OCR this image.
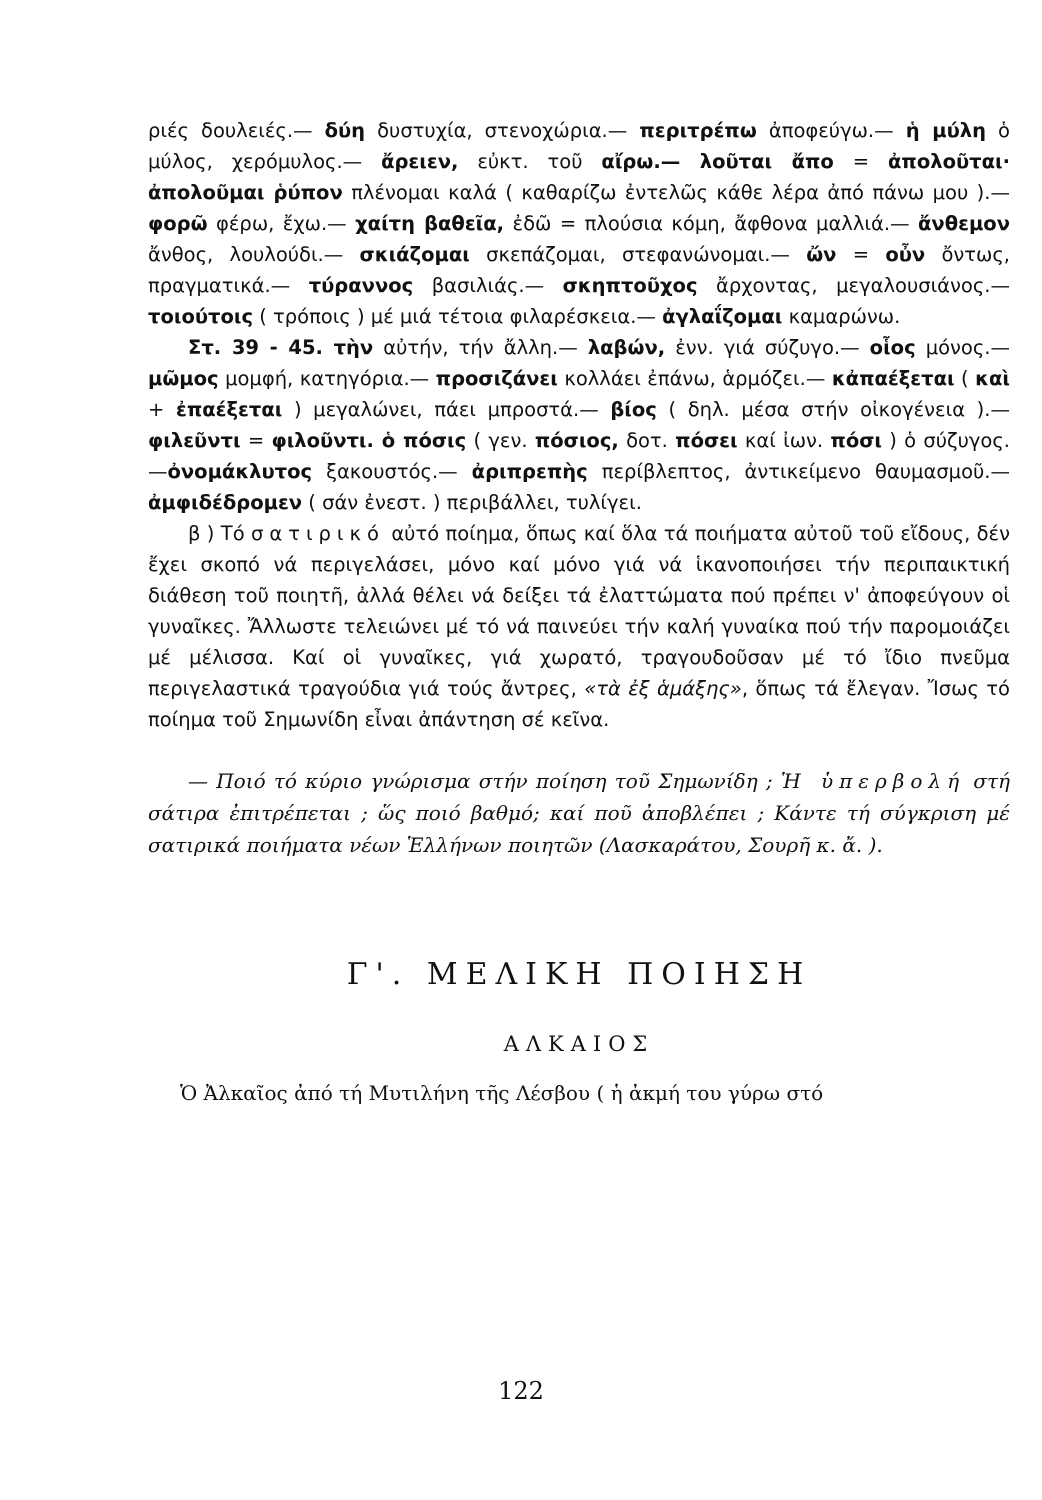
ριές δουλειές.— δύη δυστυχία, στενοχώρια.— περιτρέπω ἀποφεύγω.— ἡ μύλη ὁ μύλος, χερόμυλος.— ἄρειεν, εὐκτ. τοῦ αἴρω.— λοῦται ἄπο = ἀπολοῦται· ἀπολοῦμαι ῥύπον πλένομαι καλά ( καθαρίζω ἐντελῶς κάθε λέρα ἀπό πάνω μου ).— φορῶ φέρω, ἔχω.— χαίτη βαθεῖα, ἐδῶ = πλούσια κόμη, ἄφθονα μαλλιά.— ἄνθεμον ἄνθος, λουλούδι.— σκιάζομαι σκεπάζομαι, στεφανώνομαι.— ὤν = οὖν ὄντως, πραγματικά.— τύραννος βασιλιάς.— σκηπτοῦχος ἄρχοντας, μεγαλουσιάνος.— τοιούτοις ( τρόποις ) μέ μιά τέτοια φιλαρέσκεια.— ἀγλαΐζομαι καμαρώνω.

Στ. 39 - 45. τὴν αὐτήν, τήν ἄλλη.— λαβών, ἐνν. γιά σύζυγο.— οἷος μόνος.— μῶμος μομφή, κατηγόρια.— προσιζάνει κολλάει ἐπάνω, ἁρμόζει.— κἀπαέξεται ( καὶ + ἐπαέξεται ) μεγαλώνει, πάει μπροστά.— βίος ( δηλ. μέσα στήν οἰκογένεια ).— φιλεῦντι = φιλοῦντι. ὁ πόσις ( γεν. πόσιος, δοτ. πόσει καί ἰων. πόσι ) ὁ σύζυγος.—ὀνομάκλυτος ξακουστός.— ἀριπρεπὴς περίβλεπτος, ἀντικείμενο θαυμασμοῦ.— ἀμφιδέδρομεν ( σάν ἐνεστ. ) περιβάλλει, τυλίγει.

β ) Τό σατιρικό αὐτό ποίημα, ὅπως καί ὅλα τά ποιήματα αὐτοῦ τοῦ εἴδους, δέν ἔχει σκοπό νά περιγελάσει, μόνο καί μόνο γιά νά ἱκανοποιήσει τήν περιπαικτική διάθεση τοῦ ποιητῆ, ἀλλά θέλει νά δείξει τά ἐλαττώματα πού πρέπει ν' ἀποφεύγουν οἱ γυναῖκες. Ἄλλωστε τελειώνει μέ τό νά παινεύει τήν καλή γυναίκα πού τήν παρομοιάζει μέ μέλισσα. Καί οἱ γυναῖκες, γιά χωρατό, τραγουδοῦσαν μέ τό ἴδιο πνεῦμα περιγελαστικά τραγούδια γιά τούς ἄντρες, «τὰ ἐξ ἁμάξης», ὅπως τά ἔλεγαν. Ἴσως τό ποίημα τοῦ Σημωνίδη εἶναι ἀπάντηση σέ κεῖνα.

— Ποιό τό κύριο γνώρισμα στήν ποίηση τοῦ Σημωνίδη ; Ἡ ὑπερβολή στή σάτιρα ἐπιτρέπεται ; ὥς ποιό βαθμό; καί ποῦ ἀποβλέπει ; Κάντε τή σύγκριση μέ σατιρικά ποιήματα νέων Ἑλλήνων ποιητῶν (Λασκαράτου, Σουρῆ κ. ἄ. ).

Γ'. ΜΕΛΙΚΗ ΠΟΙΗΣΗ
ΑΛΚΑΙΟΣ

Ὁ Ἀλκαῖος ἀπό τή Μυτιλήνη τῆς Λέσβου ( ἡ ἀκμή του γύρω στό

122
